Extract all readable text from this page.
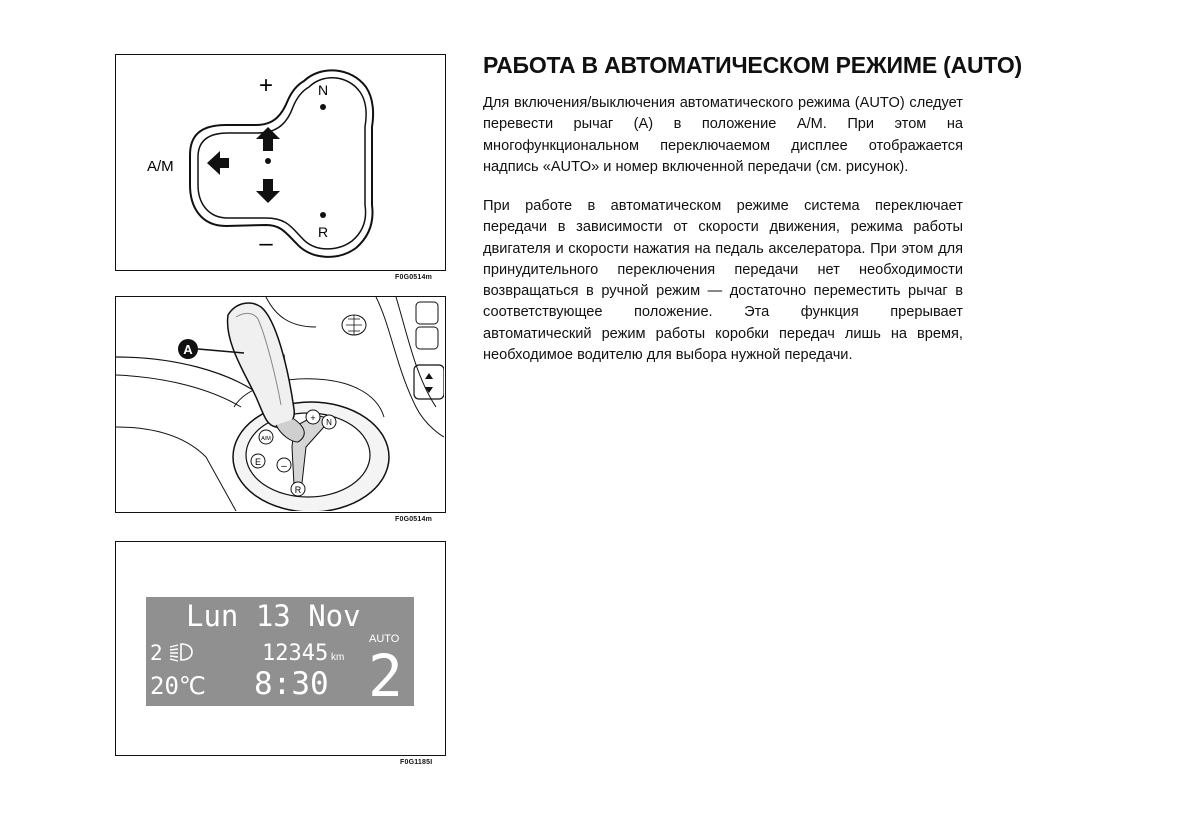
+
–
A/M
N
R
F0G0514m
A/M
E –
R
+ N
A
F0G0514m
Lun 13 Nov
2	12345 km
AUTO
20℃ 8:30 2
F0G1185I
РАБОТА В АВТОМАТИЧЕСКОМ РЕЖИМЕ (AUTO)

Для включения/выключения автоматического режима (AUTO) следует перевести рычаг (A) в положение A/M. При этом на многофункциональном переключаемом дисплее отображается надпись «AUTO» и номер включенной передачи (см. рисунок).

При работе в автоматическом режиме система переключает передачи в зависимости от скорости движения, режима работы двигателя и скорости нажатия на педаль акселератора. При этом для принудительного переключения передачи нет необходимости возвращаться в ручной режим — достаточно переместить рычаг в соответствующее положение. Эта функция прерывает автоматический режим работы коробки передач лишь на время, необходимое водителю для выбора нужной передачи.
